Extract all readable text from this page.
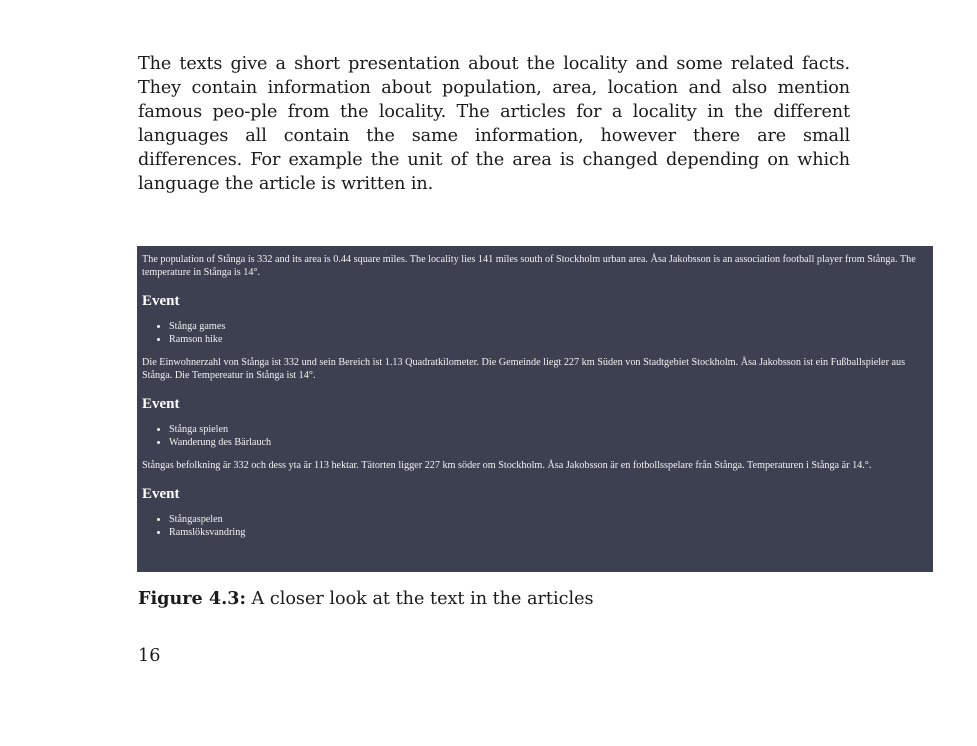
The texts give a short presentation about the locality and some related facts. They contain information about population, area, location and also mention famous peo-ple from the locality. The articles for a locality in the different languages all contain the same information, however there are small differences. For example the unit of the area is changed depending on which language the article is written in.

The population of Stånga is 332 and its area is 0.44 square miles. The locality lies 141 miles south of Stockholm urban area. Åsa Jakobsson is an association football player from Stånga. The temperature in Stånga is 14°.

Event
• Stånga games
• Ramson hike

Die Einwohnerzahl von Stånga ist 332 und sein Bereich ist 1.13 Quadratkilometer. Die Gemeinde liegt 227 km Süden von Stadtgebiet Stockholm. Åsa Jakobsson ist ein Fußballspieler aus Stånga. Die Tempereatur in Stånga ist 14°.

Event
• Stånga spielen
• Wanderung des Bärlauch

Stångas befolkning är 332 och dess yta är 113 hektar. Tätorten ligger 227 km söder om Stockholm. Åsa Jakobsson är en fotbollsspelare från Stånga. Temperaturen i Stånga är 14.°.

Event
• Stångaspelen
• Ramslöksvandring

Figure 4.3: A closer look at the text in the articles

16
